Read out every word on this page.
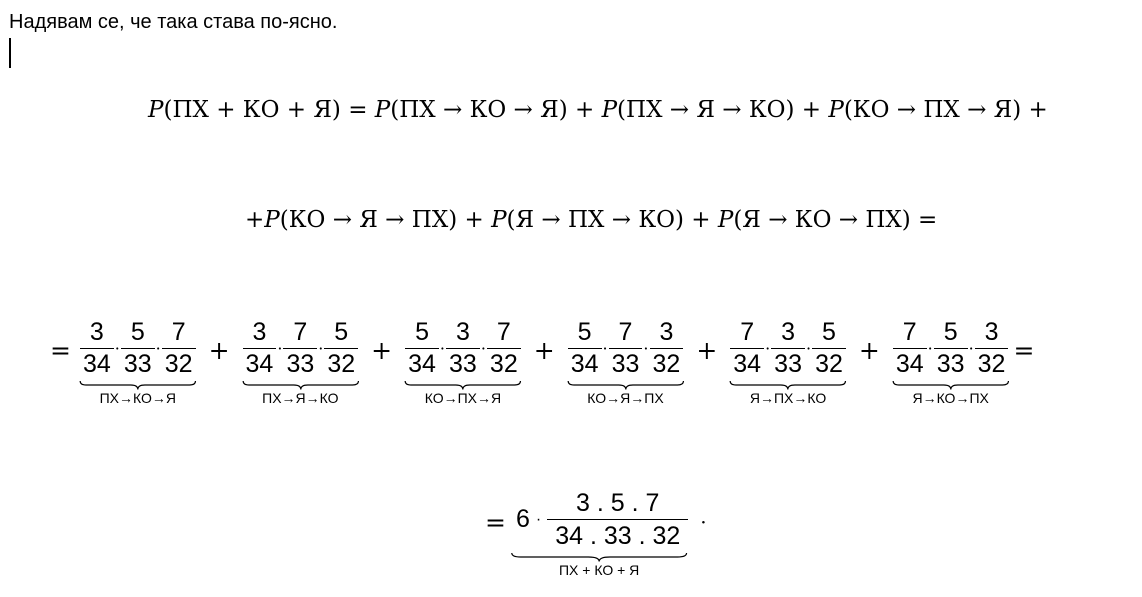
Надявам се, че така става по-ясно.
P(ПХ + КО + Я) = P(ПХ → КО → Я) + P(ПХ → Я → КО) + P(КО → ПХ → Я) +
+P(КО → Я → ПХ) + P(Я → ПХ → КО) + P(Я → КО → ПХ) =
= $\frac{3}{34} \cdot \frac{5}{33} \cdot \frac{7}{32}$
ПХ→КО→Я
+ $\frac{3}{34} \cdot \frac{7}{33} \cdot \frac{5}{32}$
ПХ→Я→КО
+ $\frac{5}{34} \cdot \frac{3}{33} \cdot \frac{7}{32}$
КО→ПХ→Я
+ $\frac{5}{34} \cdot \frac{7}{33} \cdot \frac{3}{32}$
КО→Я→ПХ
+ $\frac{7}{34} \cdot \frac{3}{33} \cdot \frac{5}{32}$
Я→ПХ→КО
+ $\frac{7}{34} \cdot \frac{5}{33} \cdot \frac{3}{32}$
Я→КО→ПХ
=
= $6 \cdot \frac{3 . 5 . 7}{34 . 33 . 32}$
ПХ + КО + Я
·
